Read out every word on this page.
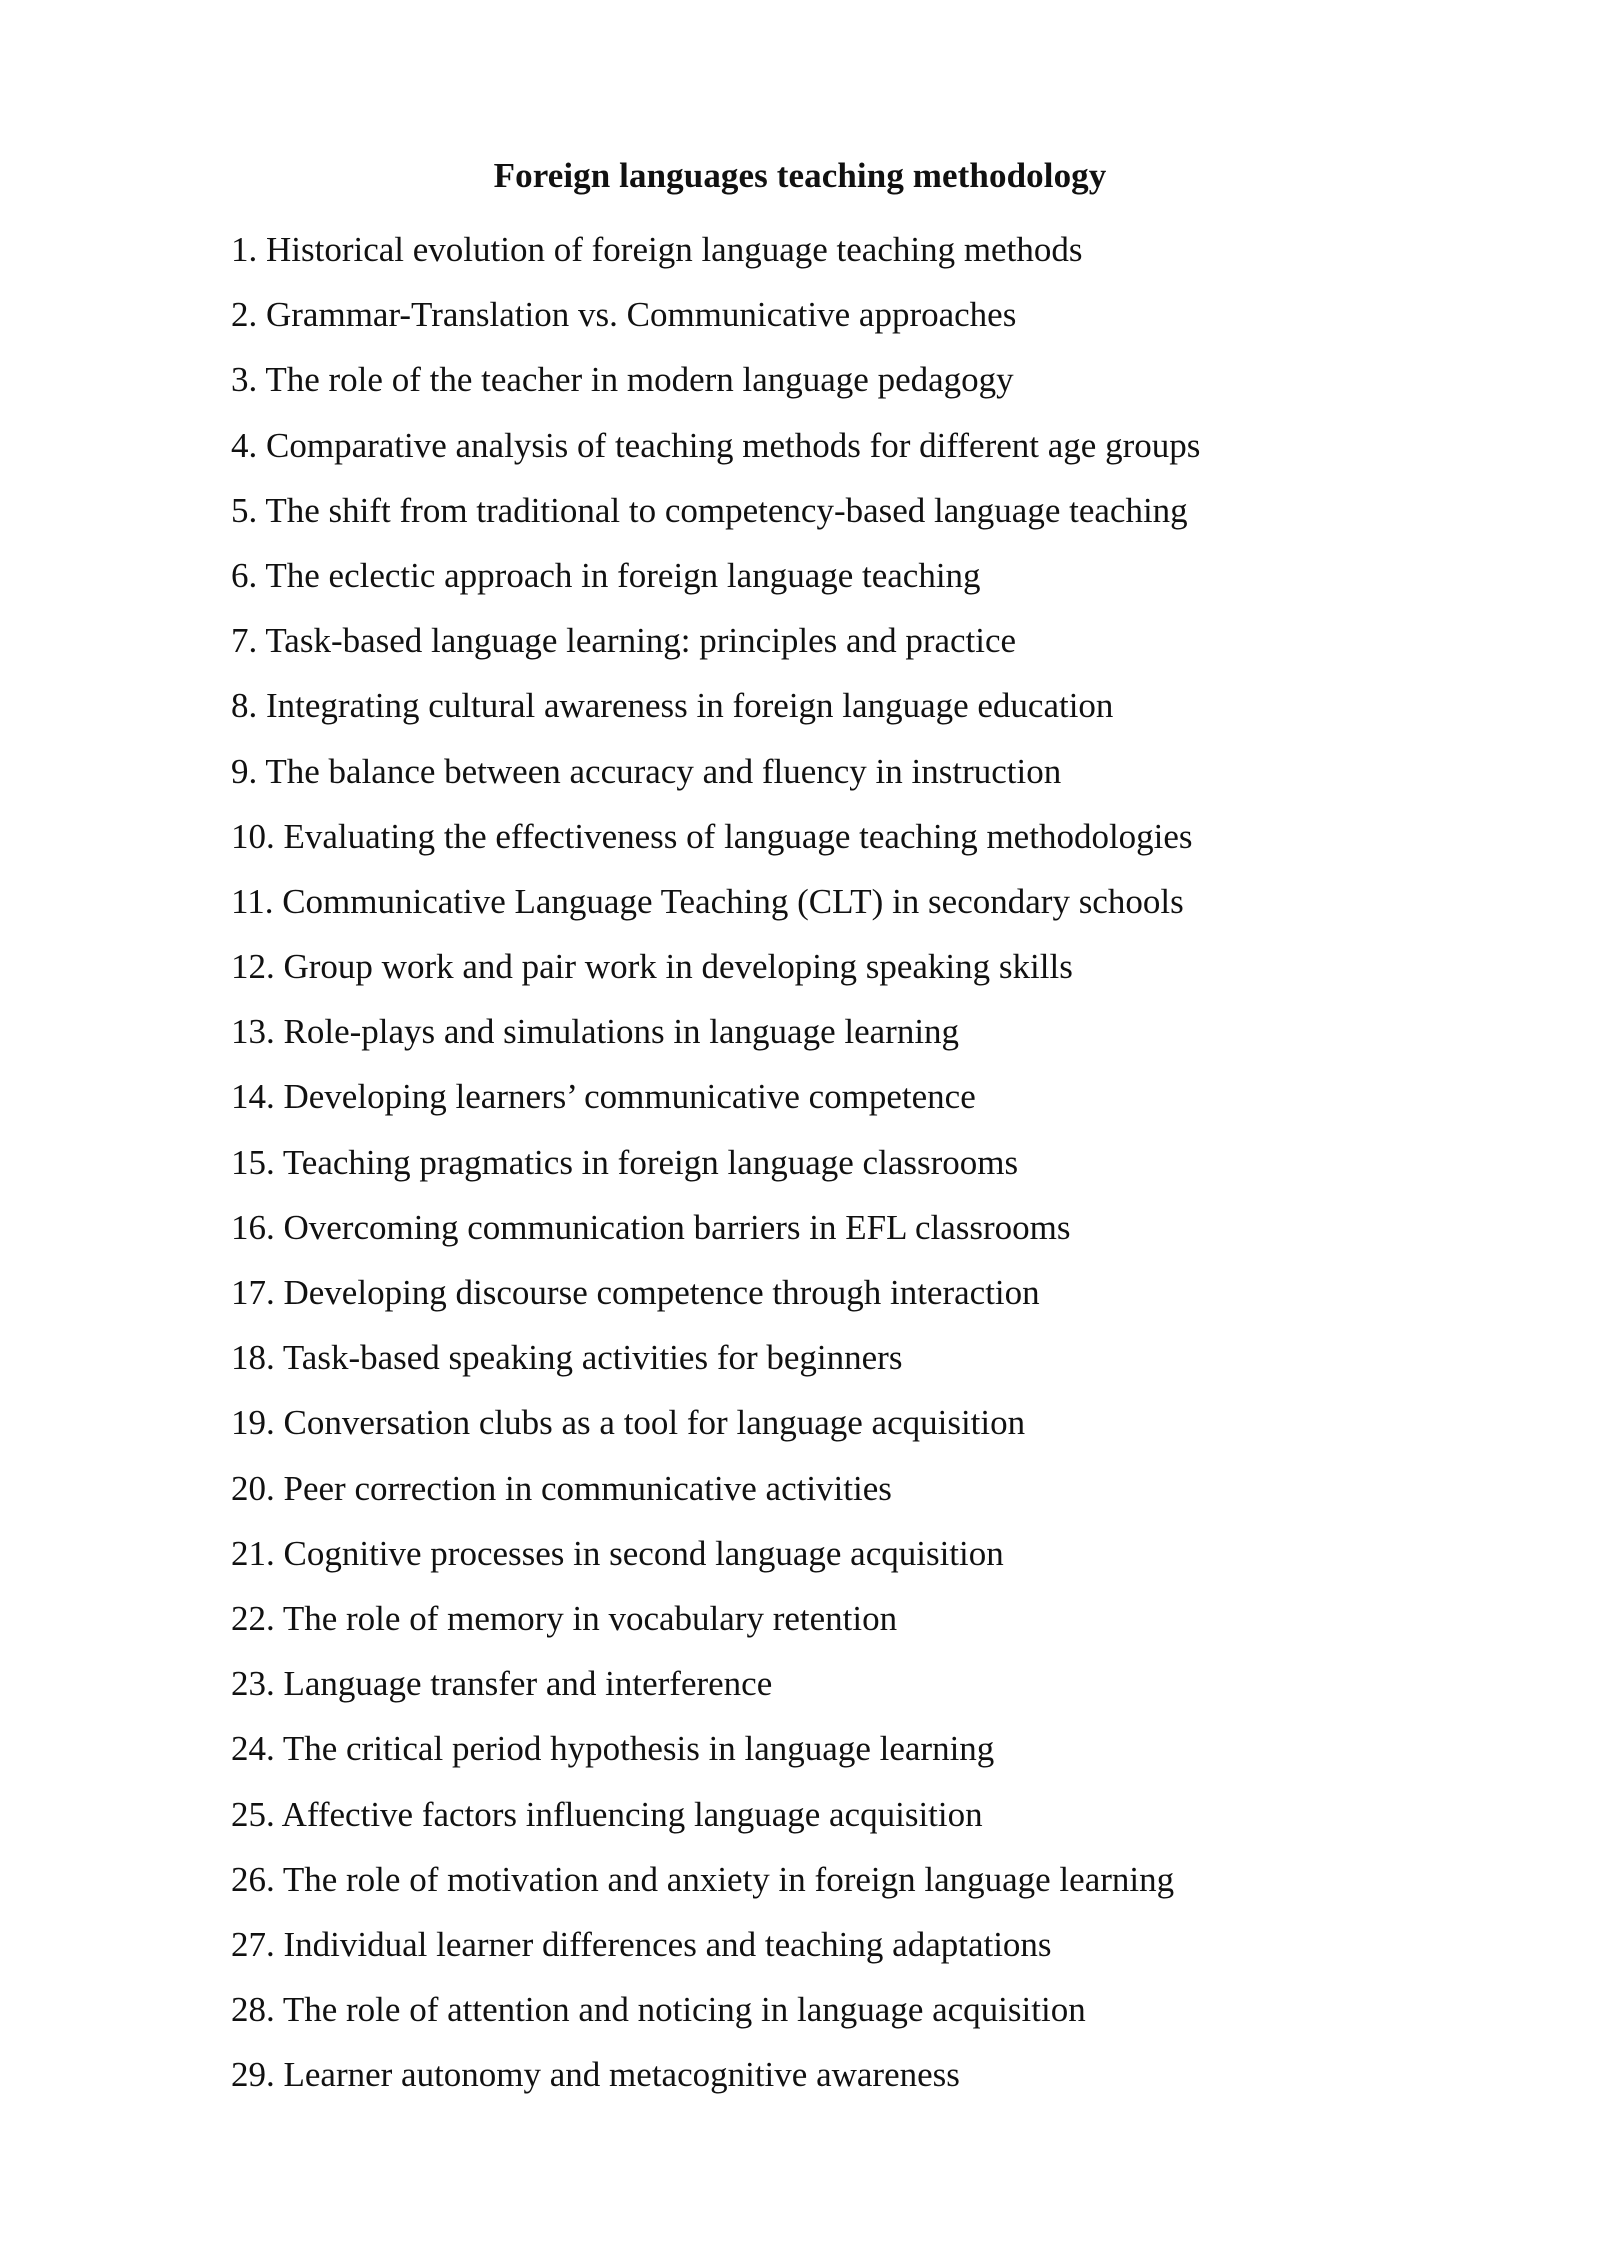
Foreign languages teaching methodology
1. Historical evolution of foreign language teaching methods
2. Grammar-Translation vs. Communicative approaches
3. The role of the teacher in modern language pedagogy
4. Comparative analysis of teaching methods for different age groups
5. The shift from traditional to competency-based language teaching
6. The eclectic approach in foreign language teaching
7. Task-based language learning: principles and practice
8. Integrating cultural awareness in foreign language education
9. The balance between accuracy and fluency in instruction
10. Evaluating the effectiveness of language teaching methodologies
11. Communicative Language Teaching (CLT) in secondary schools
12. Group work and pair work in developing speaking skills
13. Role-plays and simulations in language learning
14. Developing learners’ communicative competence
15. Teaching pragmatics in foreign language classrooms
16. Overcoming communication barriers in EFL classrooms
17. Developing discourse competence through interaction
18. Task-based speaking activities for beginners
19. Conversation clubs as a tool for language acquisition
20. Peer correction in communicative activities
21. Cognitive processes in second language acquisition
22. The role of memory in vocabulary retention
23. Language transfer and interference
24. The critical period hypothesis in language learning
25. Affective factors influencing language acquisition
26. The role of motivation and anxiety in foreign language learning
27. Individual learner differences and teaching adaptations
28. The role of attention and noticing in language acquisition
29. Learner autonomy and metacognitive awareness
